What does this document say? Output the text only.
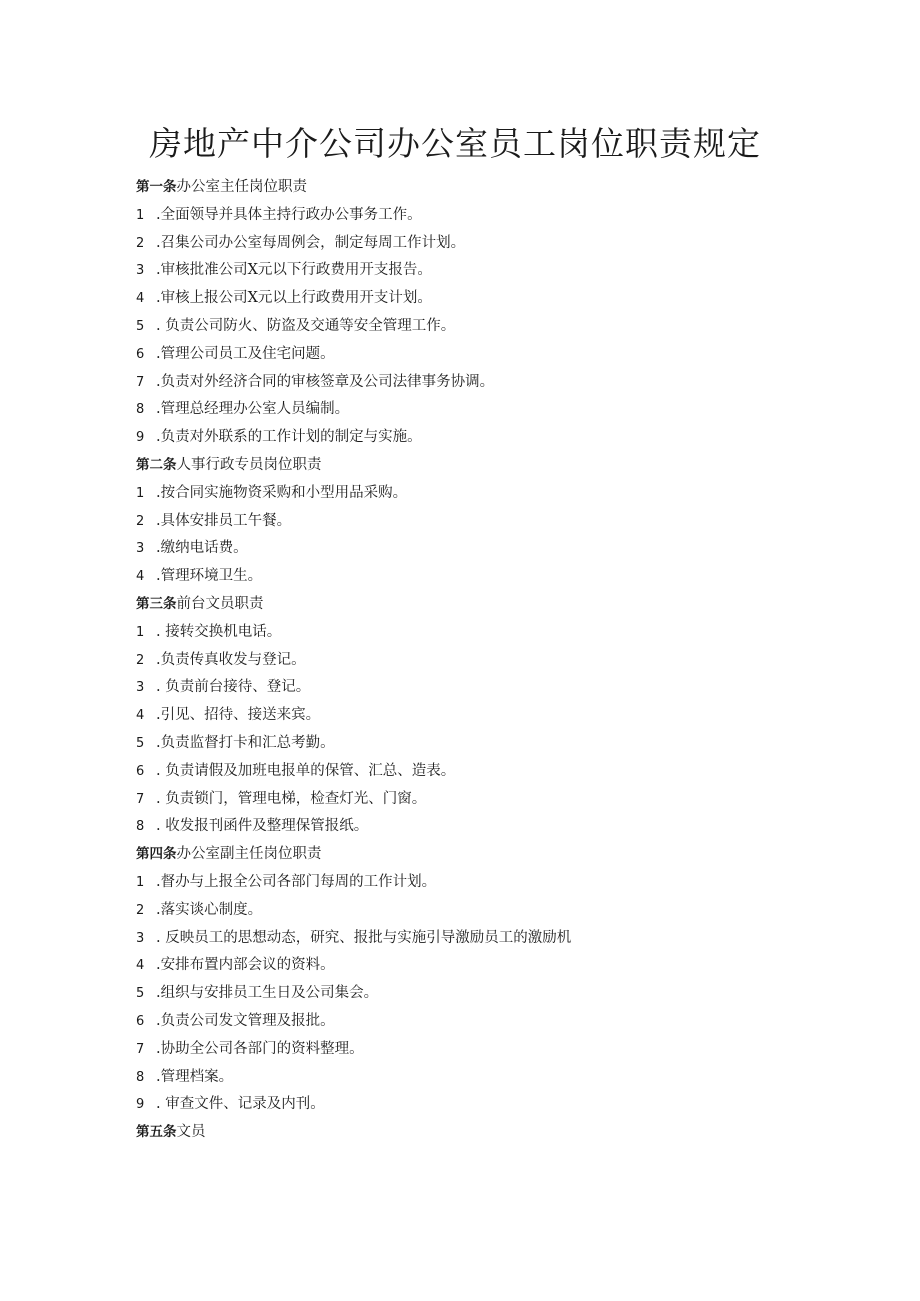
房地产中介公司办公室员工岗位职责规定
第一条办公室主任岗位职责
1 .全面领导并具体主持行政办公事务工作。
2 .召集公司办公室每周例会，制定每周工作计划。
3 .审核批准公司X元以下行政费用开支报告。
4 .审核上报公司X元以上行政费用开支计划。
5 . 负责公司防火、防盗及交通等安全管理工作。
6 .管理公司员工及住宅问题。
7 .负责对外经济合同的审核签章及公司法律事务协调。
8 .管理总经理办公室人员编制。
9 .负责对外联系的工作计划的制定与实施。
第二条人事行政专员岗位职责
1 .按合同实施物资采购和小型用品采购。
2 .具体安排员工午餐。
3 .缴纳电话费。
4 .管理环境卫生。
第三条前台文员职责
1 . 接转交换机电话。
2 .负责传真收发与登记。
3 . 负责前台接待、登记。
4 .引见、招待、接送来宾。
5 .负责监督打卡和汇总考勤。
6 . 负责请假及加班电报单的保管、汇总、造表。
7 . 负责锁门，管理电梯，检查灯光、门窗。
8 . 收发报刊函件及整理保管报纸。
第四条办公室副主任岗位职责
1 .督办与上报全公司各部门每周的工作计划。
2 .落实谈心制度。
3 . 反映员工的思想动态，研究、报批与实施引导激励员工的激励机
4 .安排布置内部会议的资料。
5 .组织与安排员工生日及公司集会。
6 .负责公司发文管理及报批。
7 .协助全公司各部门的资料整理。
8 .管理档案。
9 . 审查文件、记录及内刊。
第五条文员
